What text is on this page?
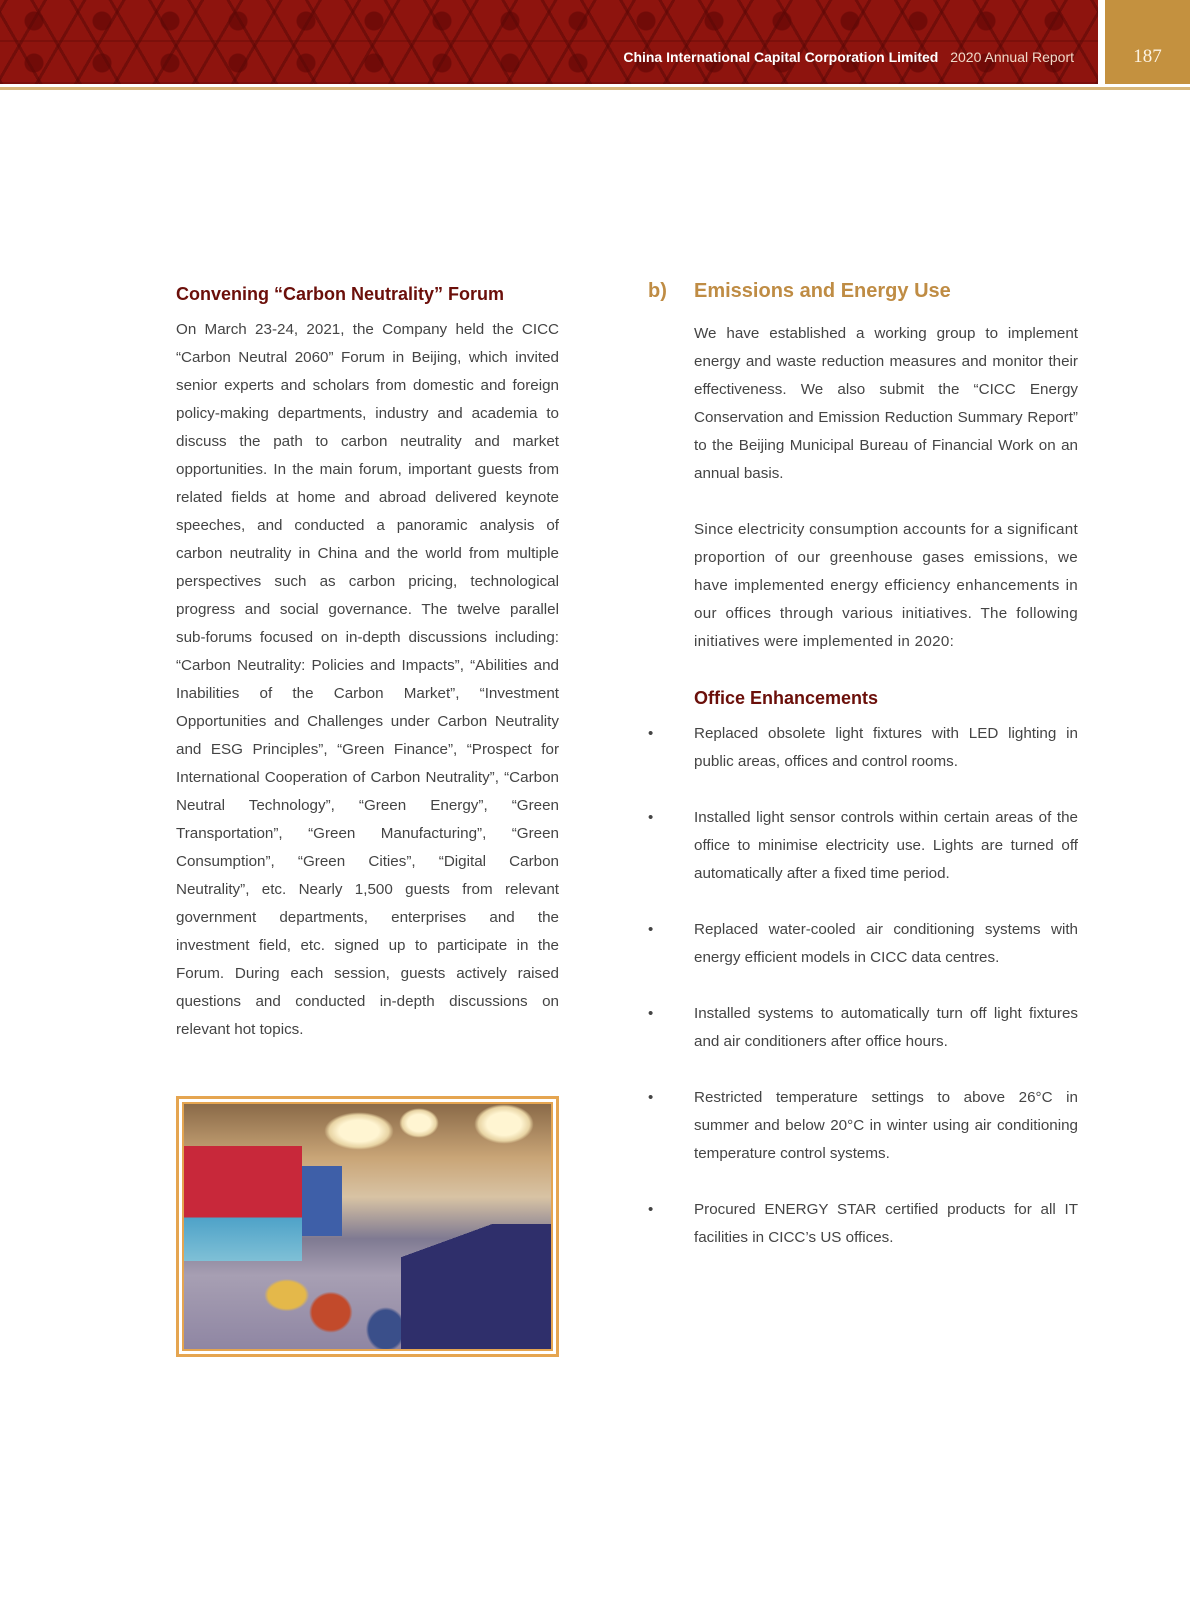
China International Capital Corporation Limited 2020 Annual Report	187
Convening “Carbon Neutrality” Forum

On March 23-24, 2021, the Company held the CICC “Carbon Neutral 2060” Forum in Beijing, which invited senior experts and scholars from domestic and foreign policy-making departments, industry and academia to discuss the path to carbon neutrality and market opportunities. In the main forum, important guests from related fields at home and abroad delivered keynote speeches, and conducted a panoramic analysis of carbon neutrality in China and the world from multiple perspectives such as carbon pricing, technological progress and social governance. The twelve parallel sub-forums focused on in-depth discussions including: “Carbon Neutrality: Policies and Impacts”, “Abilities and Inabilities of the Carbon Market”, “Investment Opportunities and Challenges under Carbon Neutrality and ESG Principles”, “Green Finance”, “Prospect for International Cooperation of Carbon Neutrality”, “Carbon Neutral Technology”, “Green Energy”, “Green Transportation”, “Green Manufacturing”, “Green Consumption”, “Green Cities”, “Digital Carbon Neutrality”, etc. Nearly 1,500 guests from relevant government departments, enterprises and the investment field, etc. signed up to participate in the Forum. During each session, guests actively raised questions and conducted in-depth discussions on relevant hot topics.

b)	Emissions and Energy Use

We have established a working group to implement energy and waste reduction measures and monitor their effectiveness. We also submit the “CICC Energy Conservation and Emission Reduction Summary Report” to the Beijing Municipal Bureau of Financial Work on an annual basis.

Since electricity consumption accounts for a significant proportion of our greenhouse gases emissions, we have implemented energy efficiency enhancements in our offices through various initiatives. The following initiatives were implemented in 2020:

Office Enhancements
•	Replaced obsolete light fixtures with LED lighting in public areas, offices and control rooms.
•	Installed light sensor controls within certain areas of the office to minimise electricity use. Lights are turned off automatically after a fixed time period.
•	Replaced water-cooled air conditioning systems with energy efficient models in CICC data centres.
•	Installed systems to automatically turn off light fixtures and air conditioners after office hours.
•	Restricted temperature settings to above 26°C in summer and below 20°C in winter using air conditioning temperature control systems.
•	Procured ENERGY STAR certified products for all IT facilities in CICC’s US offices.
